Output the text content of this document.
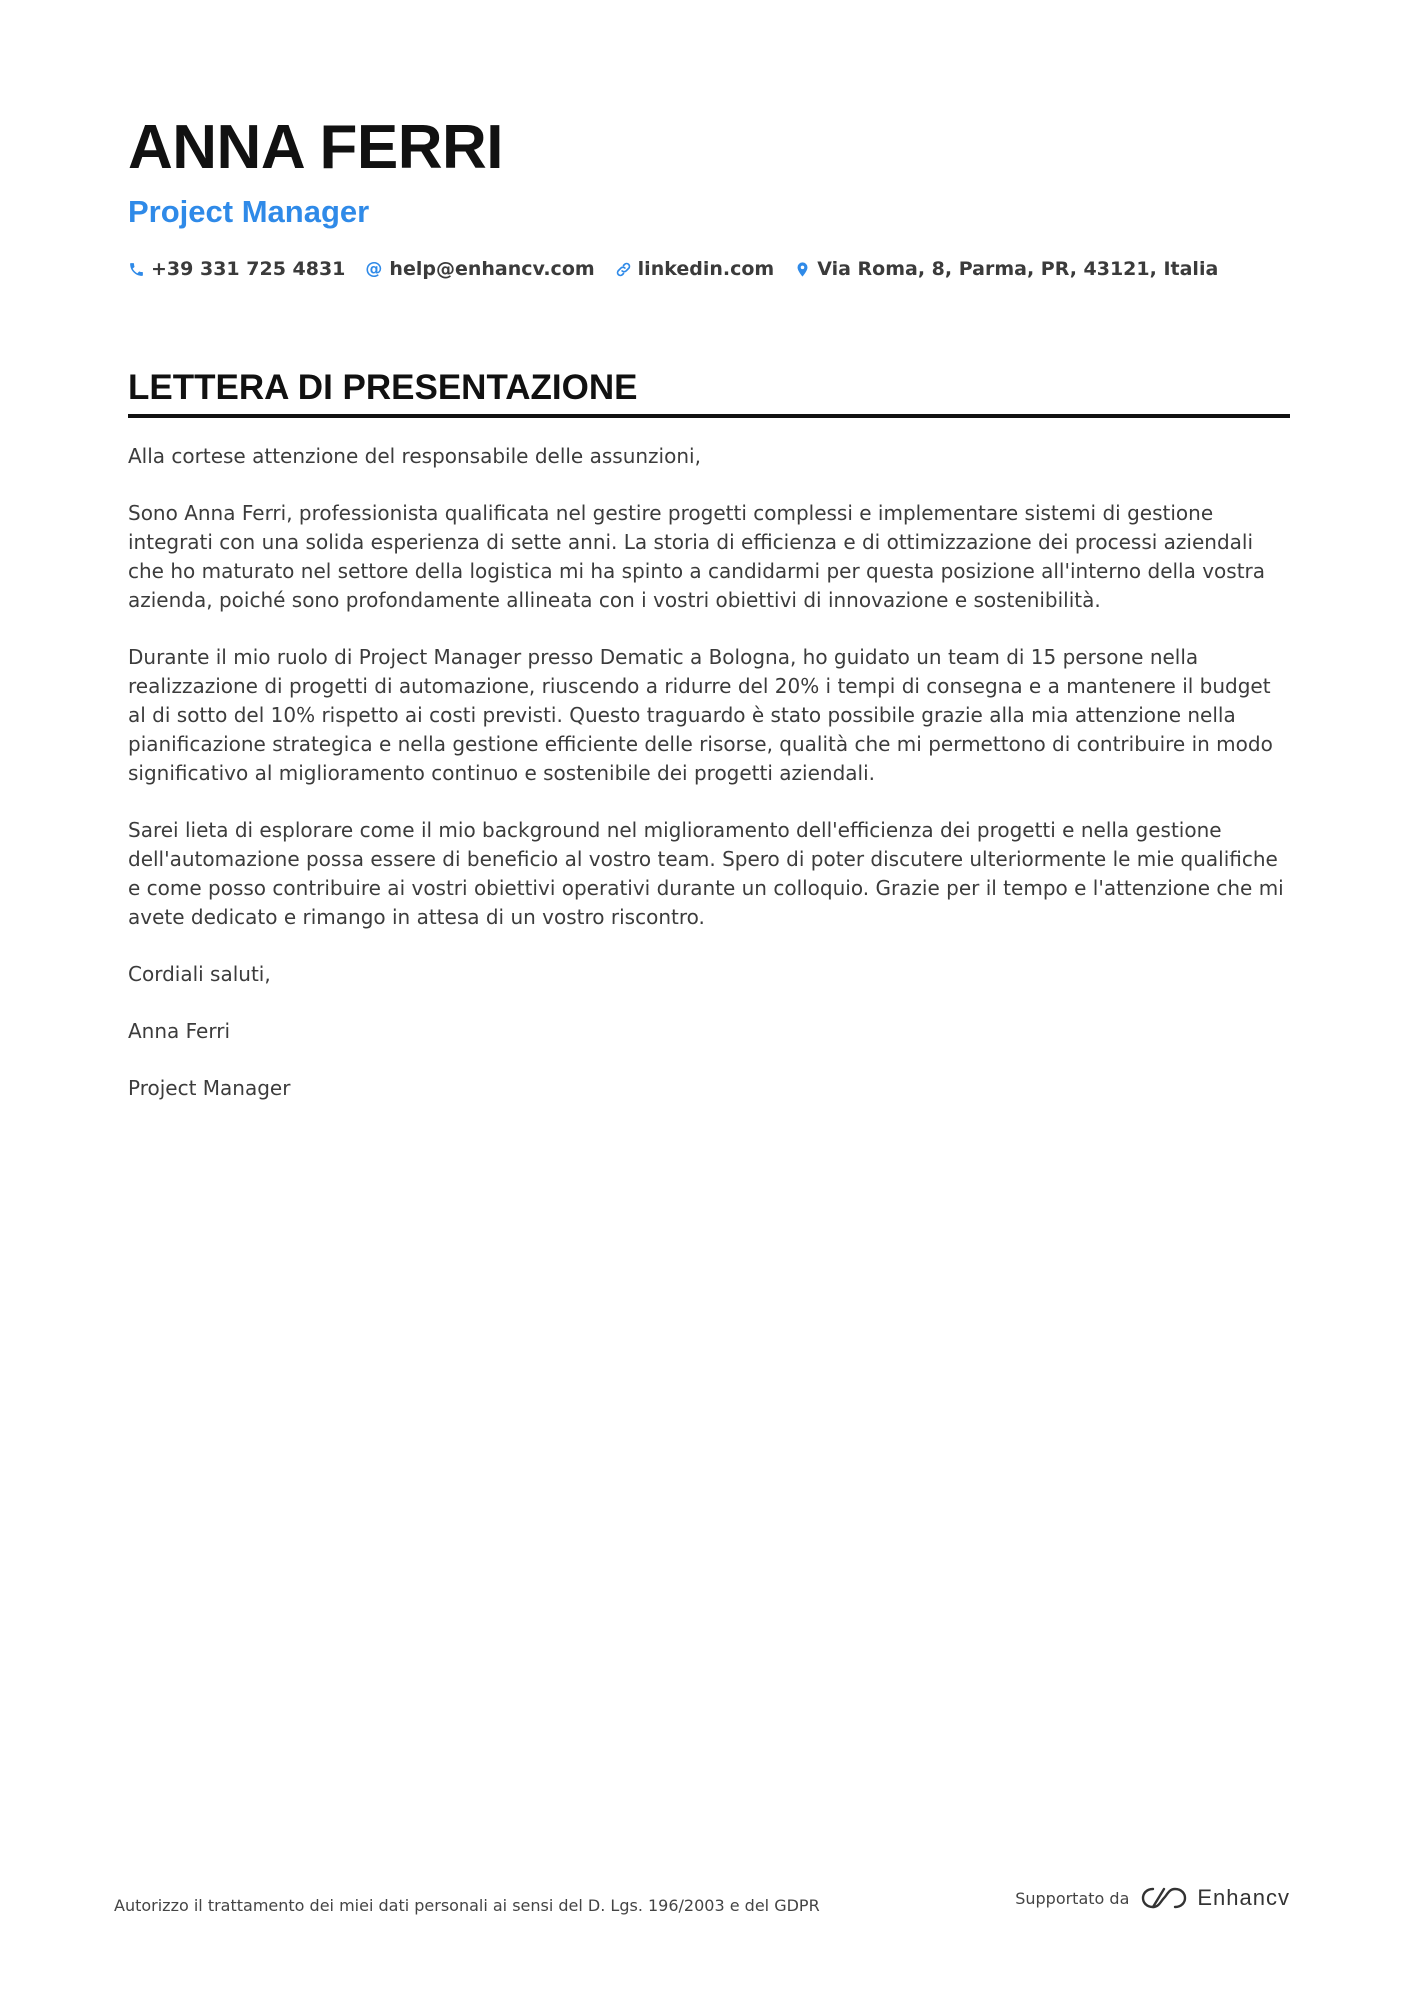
ANNA FERRI
Project Manager
+39 331 725 4831 @ help@enhancv.com linkedin.com Via Roma, 8, Parma, PR, 43121, Italia
LETTERA DI PRESENTAZIONE

Alla cortese attenzione del responsabile delle assunzioni,

Sono Anna Ferri, professionista qualificata nel gestire progetti complessi e implementare sistemi di gestione integrati con una solida esperienza di sette anni. La storia di efficienza e di ottimizzazione dei processi aziendali che ho maturato nel settore della logistica mi ha spinto a candidarmi per questa posizione all'interno della vostra azienda, poiché sono profondamente allineata con i vostri obiettivi di innovazione e sostenibilità.

Durante il mio ruolo di Project Manager presso Dematic a Bologna, ho guidato un team di 15 persone nella realizzazione di progetti di automazione, riuscendo a ridurre del 20% i tempi di consegna e a mantenere il budget al di sotto del 10% rispetto ai costi previsti. Questo traguardo è stato possibile grazie alla mia attenzione nella pianificazione strategica e nella gestione efficiente delle risorse, qualità che mi permettono di contribuire in modo significativo al miglioramento continuo e sostenibile dei progetti aziendali.

Sarei lieta di esplorare come il mio background nel miglioramento dell'efficienza dei progetti e nella gestione dell'automazione possa essere di beneficio al vostro team. Spero di poter discutere ulteriormente le mie qualifiche e come posso contribuire ai vostri obiettivi operativi durante un colloquio. Grazie per il tempo e l'attenzione che mi avete dedicato e rimango in attesa di un vostro riscontro.

Cordiali saluti,

Anna Ferri

Project Manager

Autorizzo il trattamento dei miei dati personali ai sensi del D. Lgs. 196/2003 e del GDPR	Supportato da	Enhancv
